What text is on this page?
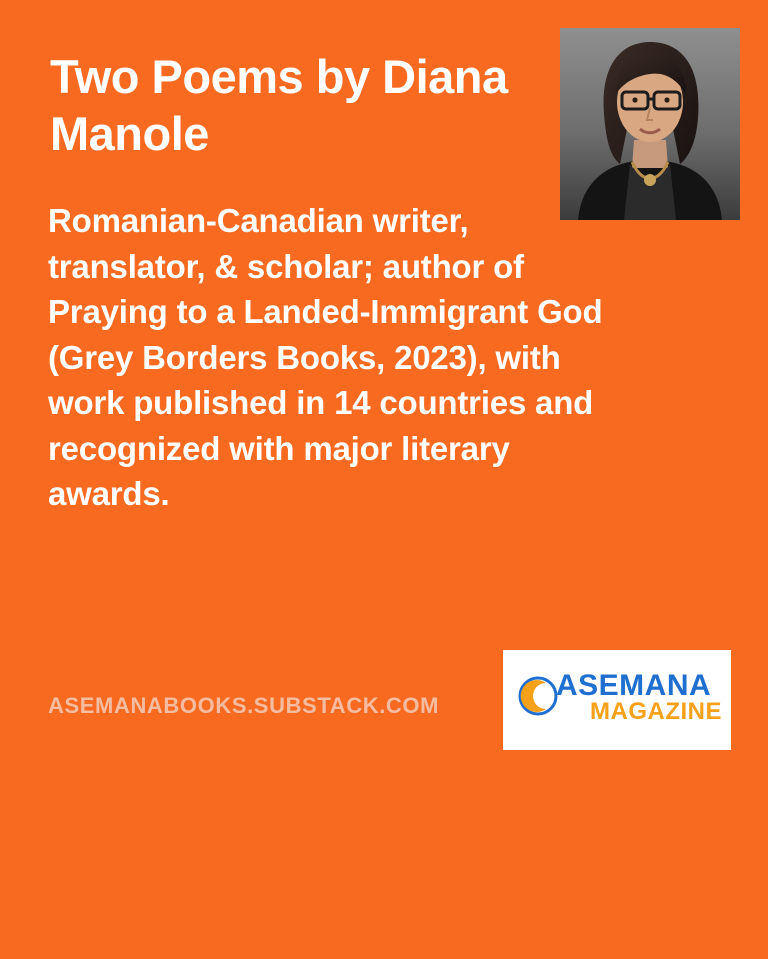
Two Poems by Diana Manole
Romanian-Canadian writer, translator, & scholar; author of Praying to a Landed-Immigrant God (Grey Borders Books, 2023), with work published in 14 countries and recognized with major literary awards.
ASEMANABOOKS.SUBSTACK.COM
ASEMANA
MAGAZINE
